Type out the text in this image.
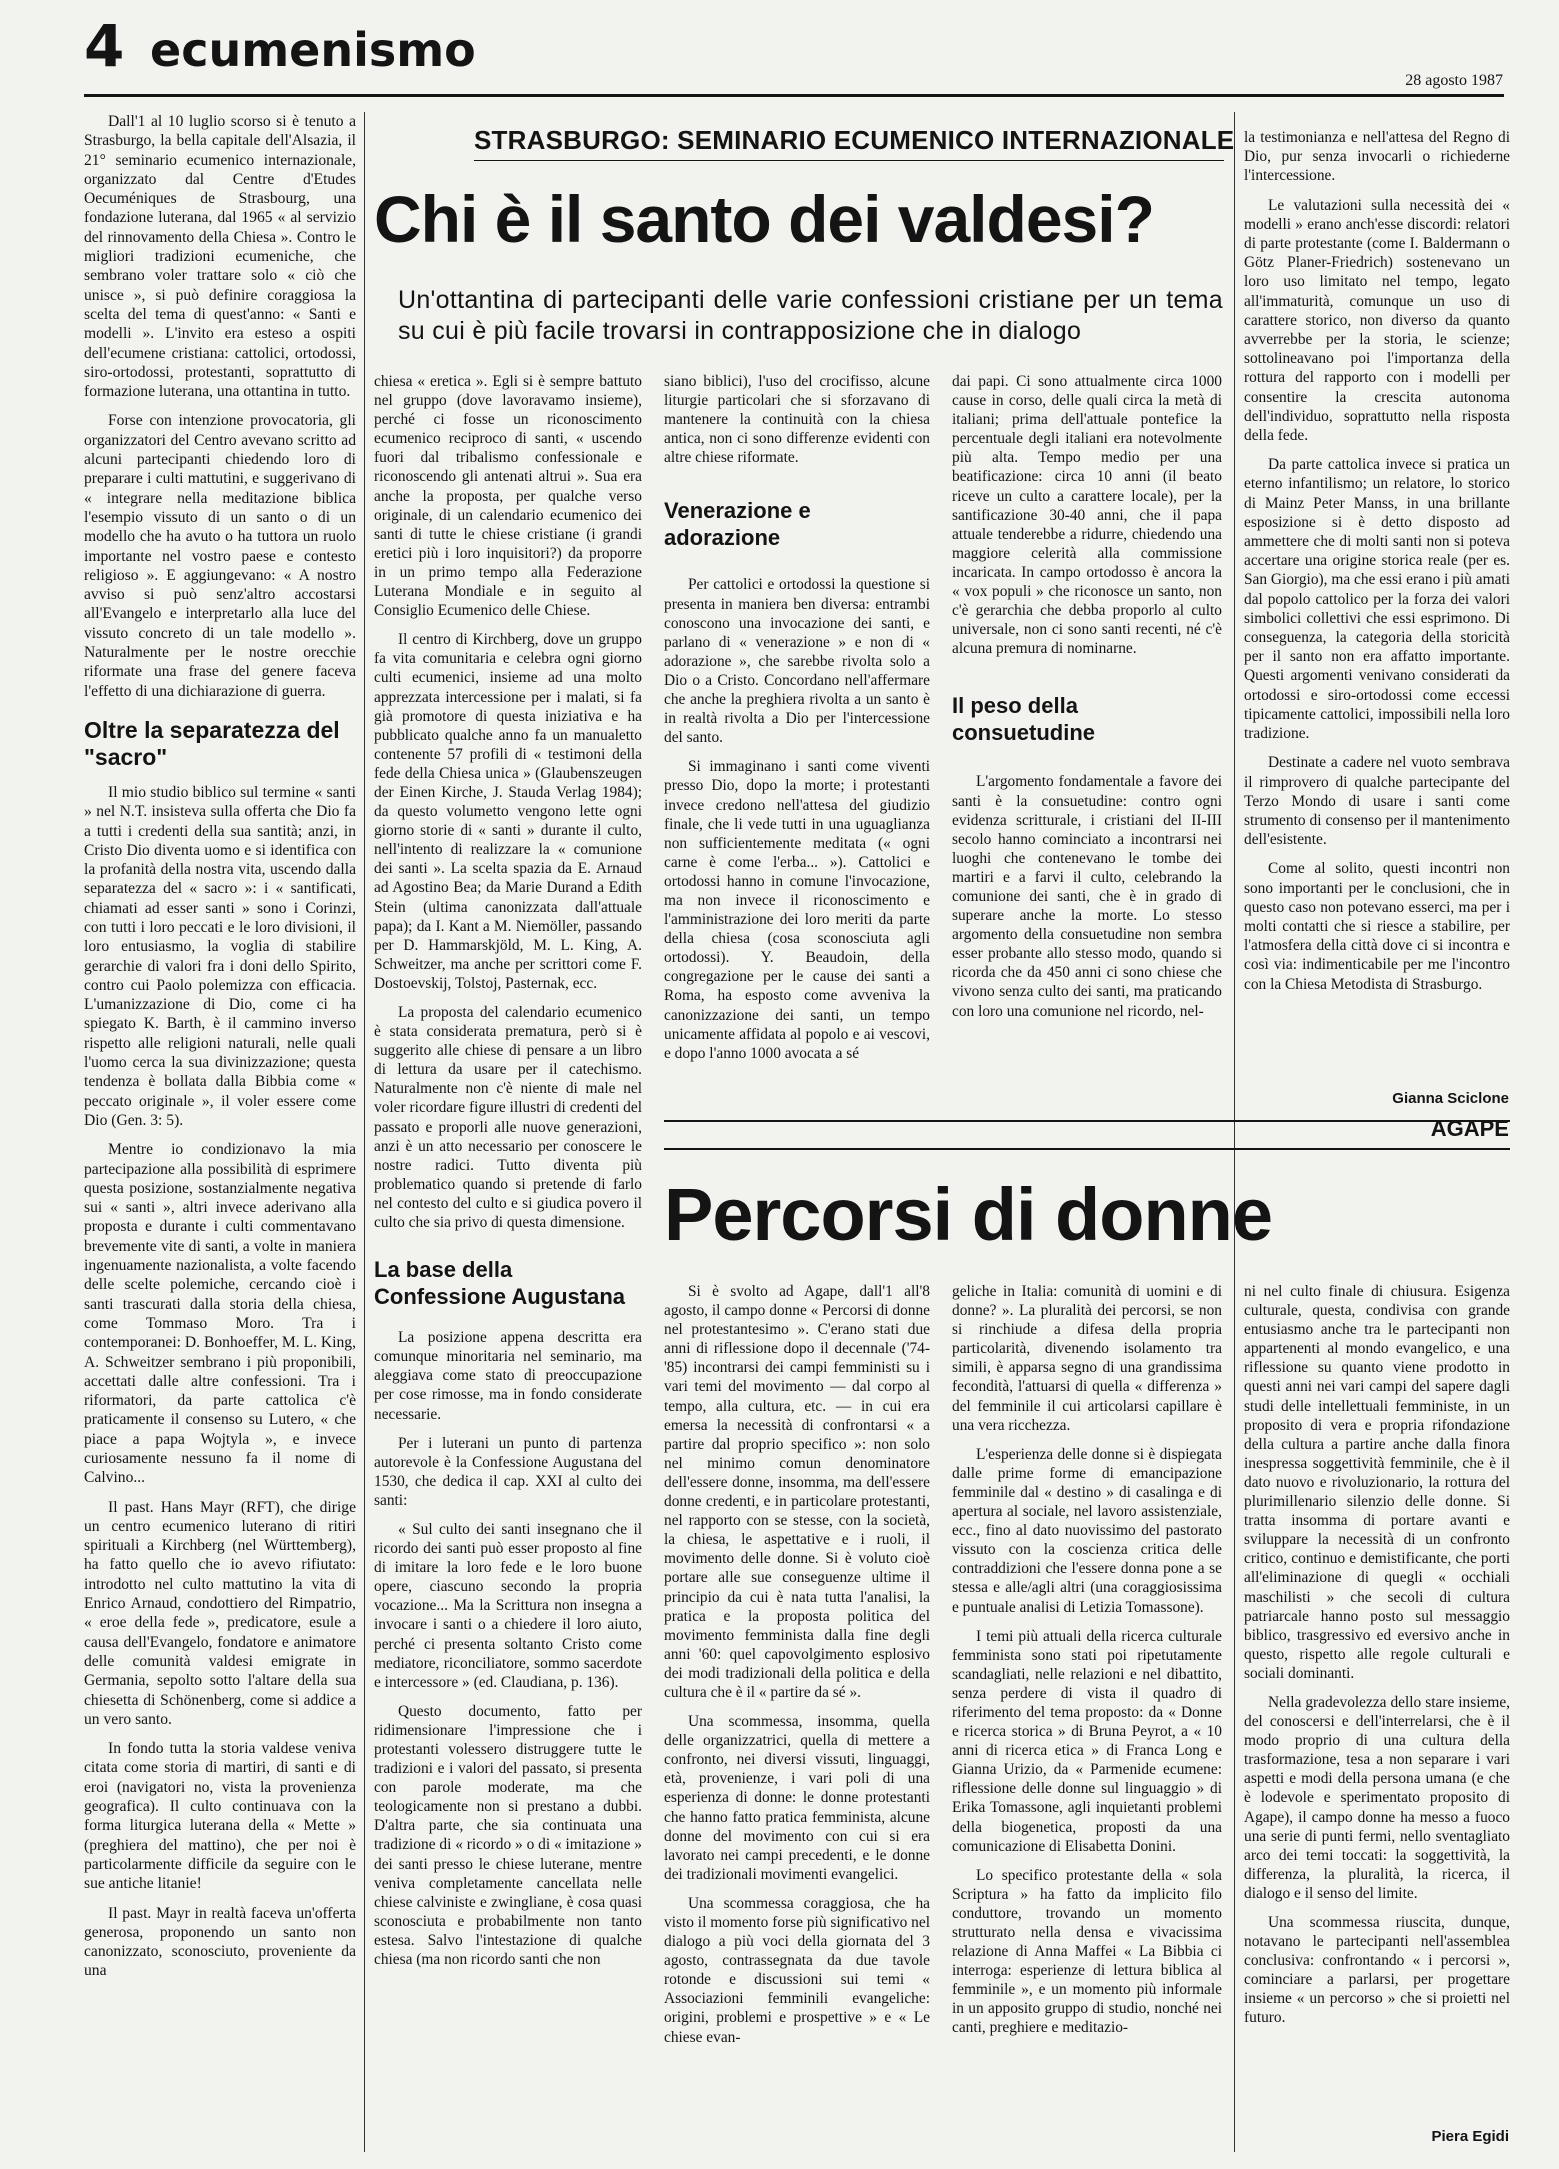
4 ecumenismo
28 agosto 1987
STRASBURGO: SEMINARIO ECUMENICO INTERNAZIONALE
Chi è il santo dei valdesi?
Un'ottantina di partecipanti delle varie confessioni cristiane per un tema su cui è più facile trovarsi in contrapposizione che in dialogo

Dall'1 al 10 luglio scorso si è tenuto a Strasburgo, la bella capitale dell'Alsazia, il 21° seminario ecumenico internazionale, organizzato dal Centre d'Etudes Oecuméniques de Strasbourg, una fondazione luterana, dal 1965 « al servizio del rinnovamento della Chiesa ». Contro le migliori tradizioni ecumeniche, che sembrano voler trattare solo « ciò che unisce », si può definire coraggiosa la scelta del tema di quest'anno: « Santi e modelli ». L'invito era esteso a ospiti dell'ecumene cristiana: cattolici, ortodossi, siro-ortodossi, protestanti, soprattutto di formazione luterana, una ottantina in tutto.

Forse con intenzione provocatoria, gli organizzatori del Centro avevano scritto ad alcuni partecipanti chiedendo loro di preparare i culti mattutini, e suggerivano di « integrare nella meditazione biblica l'esempio vissuto di un santo o di un modello che ha avuto o ha tuttora un ruolo importante nel vostro paese e contesto religioso ». E aggiungevano: « A nostro avviso si può senz'altro accostarsi all'Evangelo e interpretarlo alla luce del vissuto concreto di un tale modello ». Naturalmente per le nostre orecchie riformate una frase del genere faceva l'effetto di una dichiarazione di guerra.

Oltre la separatezza del "sacro"

Il mio studio biblico sul termine « santi » nel N.T. insisteva sulla offerta che Dio fa a tutti i credenti della sua santità; anzi, in Cristo Dio diventa uomo e si identifica con la profanità della nostra vita, uscendo dalla separatezza del « sacro »: i « santificati, chiamati ad esser santi » sono i Corinzi, con tutti i loro peccati e le loro divisioni, il loro entusiasmo, la voglia di stabilire gerarchie di valori fra i doni dello Spirito, contro cui Paolo polemizza con efficacia. L'umanizzazione di Dio, come ci ha spiegato K. Barth, è il cammino inverso rispetto alle religioni naturali, nelle quali l'uomo cerca la sua divinizzazione; questa tendenza è bollata dalla Bibbia come « peccato originale », il voler essere come Dio (Gen. 3: 5).

Mentre io condizionavo la mia partecipazione alla possibilità di esprimere questa posizione, sostanzialmente negativa sui « santi », altri invece aderivano alla proposta e durante i culti commentavano brevemente vite di santi, a volte in maniera ingenuamente nazionalista, a volte facendo delle scelte polemiche, cercando cioè i santi trascurati dalla storia della chiesa, come Tommaso Moro. Tra i contemporanei: D. Bonhoeffer, M. L. King, A. Schweitzer sembrano i più proponibili, accettati dalle altre confessioni. Tra i riformatori, da parte cattolica c'è praticamente il consenso su Lutero, « che piace a papa Wojtyla », e invece curiosamente nessuno fa il nome di Calvino...

Il past. Hans Mayr (RFT), che dirige un centro ecumenico luterano di ritiri spirituali a Kirchberg (nel Württemberg), ha fatto quello che io avevo rifiutato: introdotto nel culto mattutino la vita di Enrico Arnaud, condottiero del Rimpatrio, « eroe della fede », predicatore, esule a causa dell'Evangelo, fondatore e animatore delle comunità valdesi emigrate in Germania, sepolto sotto l'altare della sua chiesetta di Schönenberg, come si addice a un vero santo.

In fondo tutta la storia valdese veniva citata come storia di martiri, di santi e di eroi (navigatori no, vista la provenienza geografica). Il culto continuava con la forma liturgica luterana della « Mette » (preghiera del mattino), che per noi è particolarmente difficile da seguire con le sue antiche litanie!

Il past. Mayr in realtà faceva un'offerta generosa, proponendo un santo non canonizzato, sconosciuto, proveniente da una

chiesa « eretica ». Egli si è sempre battuto nel gruppo (dove lavoravamo insieme), perché ci fosse un riconoscimento ecumenico reciproco di santi, « uscendo fuori dal tribalismo confessionale e riconoscendo gli antenati altrui ». Sua era anche la proposta, per qualche verso originale, di un calendario ecumenico dei santi di tutte le chiese cristiane (i grandi eretici più i loro inquisitori?) da proporre in un primo tempo alla Federazione Luterana Mondiale e in seguito al Consiglio Ecumenico delle Chiese.

Il centro di Kirchberg, dove un gruppo fa vita comunitaria e celebra ogni giorno culti ecumenici, insieme ad una molto apprezzata intercessione per i malati, si fa già promotore di questa iniziativa e ha pubblicato qualche anno fa un manualetto contenente 57 profili di « testimoni della fede della Chiesa unica » (Glaubenszeugen der Einen Kirche, J. Stauda Verlag 1984); da questo volumetto vengono lette ogni giorno storie di « santi » durante il culto, nell'intento di realizzare la « comunione dei santi ». La scelta spazia da E. Arnaud ad Agostino Bea; da Marie Durand a Edith Stein (ultima canonizzata dall'attuale papa); da I. Kant a M. Niemöller, passando per D. Hammarskjöld, M. L. King, A. Schweitzer, ma anche per scrittori come F. Dostoevskij, Tolstoj, Pasternak, ecc.

La proposta del calendario ecumenico è stata considerata prematura, però si è suggerito alle chiese di pensare a un libro di lettura da usare per il catechismo. Naturalmente non c'è niente di male nel voler ricordare figure illustri di credenti del passato e proporli alle nuove generazioni, anzi è un atto necessario per conoscere le nostre radici. Tutto diventa più problematico quando si pretende di farlo nel contesto del culto e si giudica povero il culto che sia privo di questa dimensione.

La base della Confessione Augustana

La posizione appena descritta era comunque minoritaria nel seminario, ma aleggiava come stato di preoccupazione per cose rimosse, ma in fondo considerate necessarie.

Per i luterani un punto di partenza autorevole è la Confessione Augustana del 1530, che dedica il cap. XXI al culto dei santi:

« Sul culto dei santi insegnano che il ricordo dei santi può esser proposto al fine di imitare la loro fede e le loro buone opere, ciascuno secondo la propria vocazione... Ma la Scrittura non insegna a invocare i santi o a chiedere il loro aiuto, perché ci presenta soltanto Cristo come mediatore, riconciliatore, sommo sacerdote e intercessore » (ed. Claudiana, p. 136).

Questo documento, fatto per ridimensionare l'impressione che i protestanti volessero distruggere tutte le tradizioni e i valori del passato, si presenta con parole moderate, ma che teologicamente non si prestano a dubbi. D'altra parte, che sia continuata una tradizione di « ricordo » o di « imitazione » dei santi presso le chiese luterane, mentre veniva completamente cancellata nelle chiese calviniste e zwingliane, è cosa quasi sconosciuta e probabilmente non tanto estesa. Salvo l'intestazione di qualche chiesa (ma non ricordo santi che non

siano biblici), l'uso del crocifisso, alcune liturgie particolari che si sforzavano di mantenere la continuità con la chiesa antica, non ci sono differenze evidenti con altre chiese riformate.

Venerazione e adorazione

Per cattolici e ortodossi la questione si presenta in maniera ben diversa: entrambi conoscono una invocazione dei santi, e parlano di « venerazione » e non di « adorazione », che sarebbe rivolta solo a Dio o a Cristo. Concordano nell'affermare che anche la preghiera rivolta a un santo è in realtà rivolta a Dio per l'intercessione del santo.

Si immaginano i santi come viventi presso Dio, dopo la morte; i protestanti invece credono nell'attesa del giudizio finale, che li vede tutti in una uguaglianza non sufficientemente meditata (« ogni carne è come l'erba... »). Cattolici e ortodossi hanno in comune l'invocazione, ma non invece il riconoscimento e l'amministrazione dei loro meriti da parte della chiesa (cosa sconosciuta agli ortodossi). Y. Beaudoin, della congregazione per le cause dei santi a Roma, ha esposto come avveniva la canonizzazione dei santi, un tempo unicamente affidata al popolo e ai vescovi, e dopo l'anno 1000 avocata a sé

dai papi. Ci sono attualmente circa 1000 cause in corso, delle quali circa la metà di italiani; prima dell'attuale pontefice la percentuale degli italiani era notevolmente più alta. Tempo medio per una beatificazione: circa 10 anni (il beato riceve un culto a carattere locale), per la santificazione 30-40 anni, che il papa attuale tenderebbe a ridurre, chiedendo una maggiore celerità alla commissione incaricata. In campo ortodosso è ancora la « vox populi » che riconosce un santo, non c'è gerarchia che debba proporlo al culto universale, non ci sono santi recenti, né c'è alcuna premura di nominarne.

Il peso della consuetudine

L'argomento fondamentale a favore dei santi è la consuetudine: contro ogni evidenza scritturale, i cristiani del II-III secolo hanno cominciato a incontrarsi nei luoghi che contenevano le tombe dei martiri e a farvi il culto, celebrando la comunione dei santi, che è in grado di superare anche la morte. Lo stesso argomento della consuetudine non sembra esser probante allo stesso modo, quando si ricorda che da 450 anni ci sono chiese che vivono senza culto dei santi, ma praticando con loro una comunione nel ricordo, nel-

la testimonianza e nell'attesa del Regno di Dio, pur senza invocarli o richiederne l'intercessione.

Le valutazioni sulla necessità dei « modelli » erano anch'esse discordi: relatori di parte protestante (come I. Baldermann o Götz Planer-Friedrich) sostenevano un loro uso limitato nel tempo, legato all'immaturità, comunque un uso di carattere storico, non diverso da quanto avverrebbe per la storia, le scienze; sottolineavano poi l'importanza della rottura del rapporto con i modelli per consentire la crescita autonoma dell'individuo, soprattutto nella risposta della fede.

Da parte cattolica invece si pratica un eterno infantilismo; un relatore, lo storico di Mainz Peter Manss, in una brillante esposizione si è detto disposto ad ammettere che di molti santi non si poteva accertare una origine storica reale (per es. San Giorgio), ma che essi erano i più amati dal popolo cattolico per la forza dei valori simbolici collettivi che essi esprimono. Di conseguenza, la categoria della storicità per il santo non era affatto importante. Questi argomenti venivano considerati da ortodossi e siro-ortodossi come eccessi tipicamente cattolici, impossibili nella loro tradizione.

Destinate a cadere nel vuoto sembrava il rimprovero di qualche partecipante del Terzo Mondo di usare i santi come strumento di consenso per il mantenimento dell'esistente.

Come al solito, questi incontri non sono importanti per le conclusioni, che in questo caso non potevano esserci, ma per i molti contatti che si riesce a stabilire, per l'atmosfera della città dove ci si incontra e così via: indimenticabile per me l'incontro con la Chiesa Metodista di Strasburgo.

Gianna Sciclone
AGAPE
Percorsi di donne

Si è svolto ad Agape, dall'1 all'8 agosto, il campo donne « Percorsi di donne nel protestantesimo ». C'erano stati due anni di riflessione dopo il decennale ('74-'85) incontrarsi dei campi femministi su i vari temi del movimento — dal corpo al tempo, alla cultura, etc. — in cui era emersa la necessità di confrontarsi « a partire dal proprio specifico »: non solo nel minimo comun denominatore dell'essere donne, insomma, ma dell'essere donne credenti, e in particolare protestanti, nel rapporto con se stesse, con la società, la chiesa, le aspettative e i ruoli, il movimento delle donne. Si è voluto cioè portare alle sue conseguenze ultime il principio da cui è nata tutta l'analisi, la pratica e la proposta politica del movimento femminista dalla fine degli anni '60: quel capovolgimento esplosivo dei modi tradizionali della politica e della cultura che è il « partire da sé ».

Una scommessa, insomma, quella delle organizzatrici, quella di mettere a confronto, nei diversi vissuti, linguaggi, età, provenienze, i vari poli di una esperienza di donne: le donne protestanti che hanno fatto pratica femminista, alcune donne del movimento con cui si era lavorato nei campi precedenti, e le donne dei tradizionali movimenti evangelici.

Una scommessa coraggiosa, che ha visto il momento forse più significativo nel dialogo a più voci della giornata del 3 agosto, contrassegnata da due tavole rotonde e discussioni sui temi « Associazioni femminili evangeliche: origini, problemi e prospettive » e « Le chiese evan-

geliche in Italia: comunità di uomini e di donne? ». La pluralità dei percorsi, se non si rinchiude a difesa della propria particolarità, divenendo isolamento tra simili, è apparsa segno di una grandissima fecondità, l'attuarsi di quella « differenza » del femminile il cui articolarsi capillare è una vera ricchezza.

L'esperienza delle donne si è dispiegata dalle prime forme di emancipazione femminile dal « destino » di casalinga e di apertura al sociale, nel lavoro assistenziale, ecc., fino al dato nuovissimo del pastorato vissuto con la coscienza critica delle contraddizioni che l'essere donna pone a se stessa e alle/agli altri (una coraggiosissima e puntuale analisi di Letizia Tomassone).

I temi più attuali della ricerca culturale femminista sono stati poi ripetutamente scandagliati, nelle relazioni e nel dibattito, senza perdere di vista il quadro di riferimento del tema proposto: da « Donne e ricerca storica » di Bruna Peyrot, a « 10 anni di ricerca etica » di Franca Long e Gianna Urizio, da « Parmenide ecumene: riflessione delle donne sul linguaggio » di Erika Tomassone, agli inquietanti problemi della biogenetica, proposti da una comunicazione di Elisabetta Donini.

Lo specifico protestante della « sola Scriptura » ha fatto da implicito filo conduttore, trovando un momento strutturato nella densa e vivacissima relazione di Anna Maffei « La Bibbia ci interroga: esperienze di lettura biblica al femminile », e un momento più informale in un apposito gruppo di studio, nonché nei canti, preghiere e meditazio-

ni nel culto finale di chiusura. Esigenza culturale, questa, condivisa con grande entusiasmo anche tra le partecipanti non appartenenti al mondo evangelico, e una riflessione su quanto viene prodotto in questi anni nei vari campi del sapere dagli studi delle intellettuali femministe, in un proposito di vera e propria rifondazione della cultura a partire anche dalla finora inespressa soggettività femminile, che è il dato nuovo e rivoluzionario, la rottura del plurimillenario silenzio delle donne. Si tratta insomma di portare avanti e sviluppare la necessità di un confronto critico, continuo e demistificante, che porti all'eliminazione di quegli « occhiali maschilisti » che secoli di cultura patriarcale hanno posto sul messaggio biblico, trasgressivo ed eversivo anche in questo, rispetto alle regole culturali e sociali dominanti.

Nella gradevolezza dello stare insieme, del conoscersi e dell'interrelarsi, che è il modo proprio di una cultura della trasformazione, tesa a non separare i vari aspetti e modi della persona umana (e che è lodevole e sperimentato proposito di Agape), il campo donne ha messo a fuoco una serie di punti fermi, nello sventagliato arco dei temi toccati: la soggettività, la differenza, la pluralità, la ricerca, il dialogo e il senso del limite.

Una scommessa riuscita, dunque, notavano le partecipanti nell'assemblea conclusiva: confrontando « i percorsi », cominciare a parlarsi, per progettare insieme « un percorso » che si proietti nel futuro.

Piera Egidi
